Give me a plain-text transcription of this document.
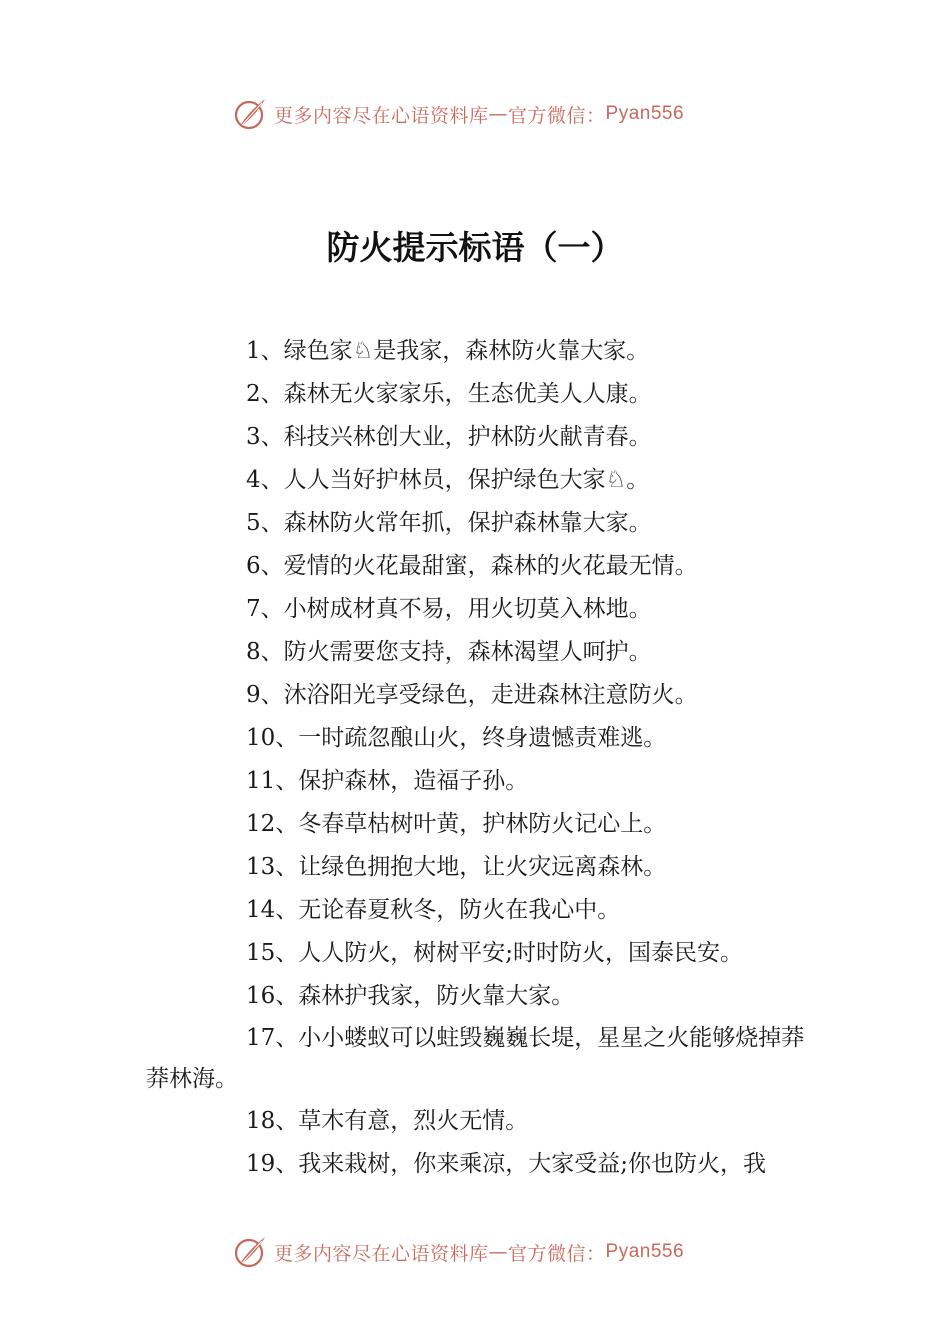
更多内容尽在心语资料库 — 官方微信： Pyan556
防火提示标语（一）

1、绿色家♘是我家，森林防火靠大家。

2、森林无火家家乐，生态优美人人康。

3、科技兴林创大业，护林防火献青春。

4、人人当好护林员，保护绿色大家♘。

5、森林防火常年抓，保护森林靠大家。

6、爱情的火花最甜蜜，森林的火花最无情。

7、小树成材真不易，用火切莫入林地。

8、防火需要您支持，森林渴望人呵护。

9、沐浴阳光享受绿色，走进森林注意防火。

10、一时疏忽酿山火，终身遗憾责难逃。

11、保护森林，造福子孙。

12、冬春草枯树叶黄，护林防火记心上。

13、让绿色拥抱大地，让火灾远离森林。

14、无论春夏秋冬，防火在我心中。

15、人人防火，树树平安;时时防火，国泰民安。

16、森林护我家，防火靠大家。

17、小小蝼蚁可以蛀毁巍巍长堤，星星之火能够烧掉莽莽林海。

18、草木有意，烈火无情。

19、我来栽树，你来乘凉，大家受益;你也防火，我

更多内容尽在心语资料库 — 官方微信： Pyan556
